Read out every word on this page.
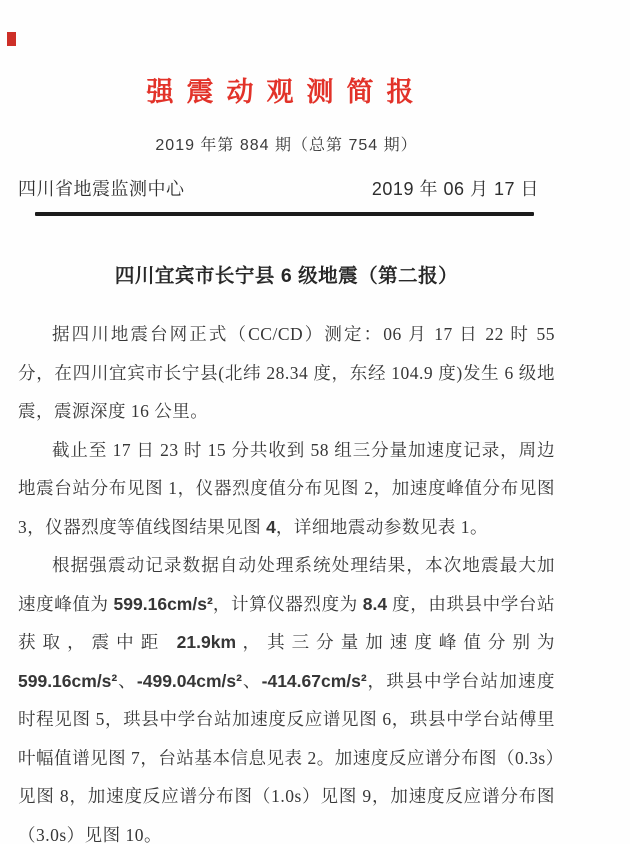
强震动观测简报
2019 年第 884 期（总第 754 期）
四川省地震监测中心	2019 年 06 月 17 日
四川宜宾市长宁县 6 级地震（第二报）

据四川地震台网正式（CC/CD）测定：06 月 17 日 22 时 55 分，在四川宜宾市长宁县(北纬 28.34 度，东经 104.9 度)发生 6 级地震，震源深度 16 公里。

截止至 17 日 23 时 15 分共收到 58 组三分量加速度记录，周边地震台站分布见图 1，仪器烈度值分布见图 2，加速度峰值分布见图 3，仪器烈度等值线图结果见图 4，详细地震动参数见表 1。

根据强震动记录数据自动处理系统处理结果，本次地震最大加速度峰值为 599.16cm/s²，计算仪器烈度为 8.4 度，由珙县中学台站获取，震中距 21.9km，其三分量加速度峰值分别为 599.16cm/s²、-499.04cm/s²、-414.67cm/s²，珙县中学台站加速度时程见图 5，珙县中学台站加速度反应谱见图 6，珙县中学台站傅里叶幅值谱见图 7，台站基本信息见表 2。加速度反应谱分布图（0.3s）见图 8，加速度反应谱分布图（1.0s）见图 9，加速度反应谱分布图（3.0s）见图 10。
